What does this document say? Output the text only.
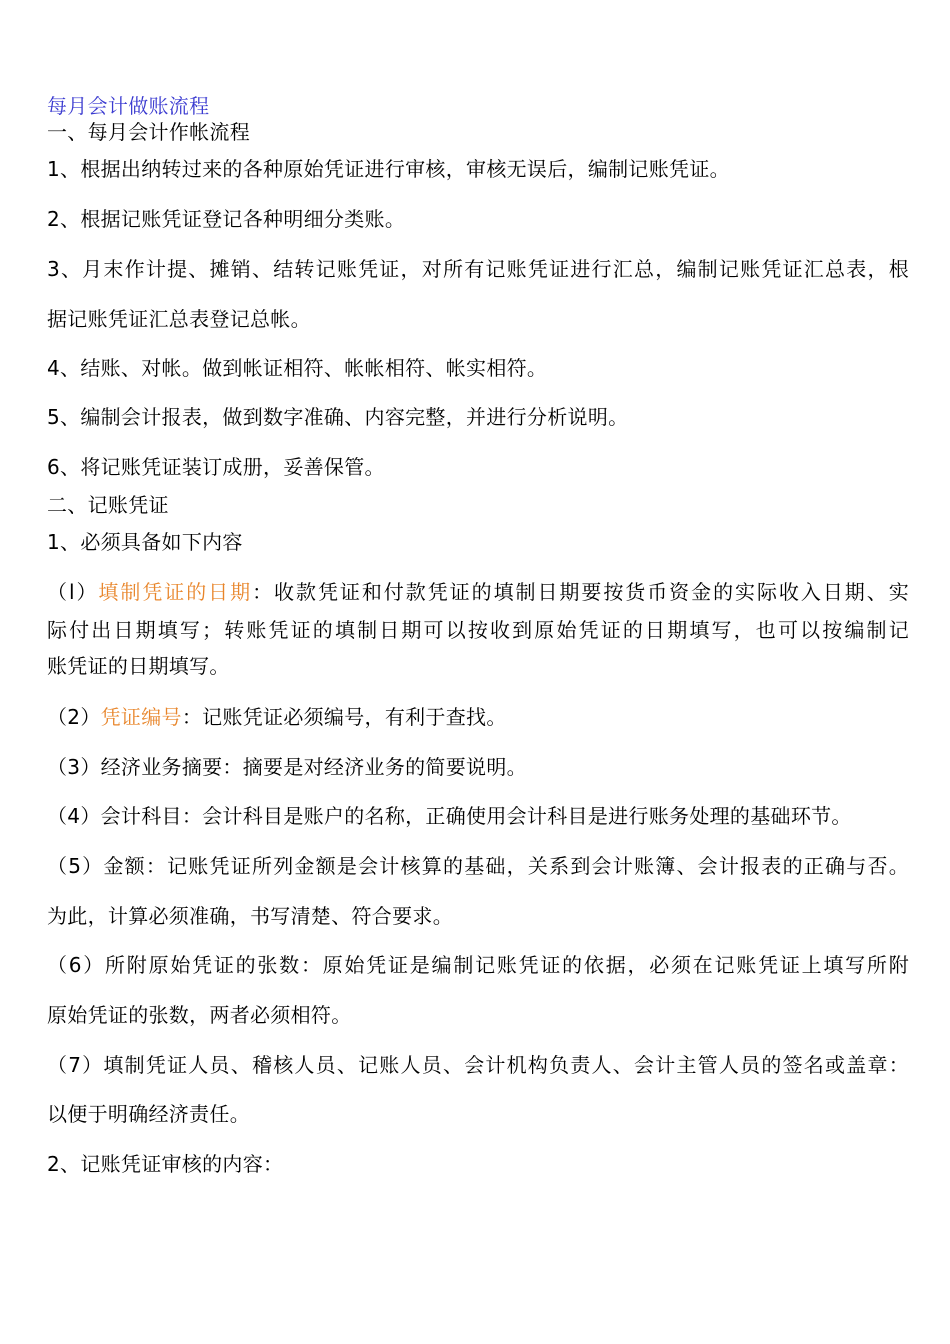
每月会计做账流程
一、每月会计作帐流程
1、根据出纳转过来的各种原始凭证进行审核，审核无误后，编制记账凭证。
2、根据记账凭证登记各种明细分类账。
3、月末作计提、摊销、结转记账凭证，对所有记账凭证进行汇总，编制记账凭证汇总表，根
据记账凭证汇总表登记总帐。
4、结账、对帐。做到帐证相符、帐帐相符、帐实相符。
5、编制会计报表，做到数字准确、内容完整，并进行分析说明。
6、将记账凭证装订成册，妥善保管。
二、记账凭证
1、必须具备如下内容
（l）填制凭证的日期：收款凭证和付款凭证的填制日期要按货币资金的实际收入日期、实
际付出日期填写；转账凭证的填制日期可以按收到原始凭证的日期填写，也可以按编制记
账凭证的日期填写。
（2）凭证编号：记账凭证必须编号，有利于查找。
（3）经济业务摘要：摘要是对经济业务的简要说明。
（4）会计科目：会计科目是账户的名称，正确使用会计科目是进行账务处理的基础环节。
（5）金额：记账凭证所列金额是会计核算的基础，关系到会计账簿、会计报表的正确与否。
为此，计算必须准确，书写清楚、符合要求。
（6）所附原始凭证的张数：原始凭证是编制记账凭证的依据，必须在记账凭证上填写所附
原始凭证的张数，两者必须相符。
（7）填制凭证人员、稽核人员、记账人员、会计机构负责人、会计主管人员的签名或盖章：
以便于明确经济责任。
2、记账凭证审核的内容：
